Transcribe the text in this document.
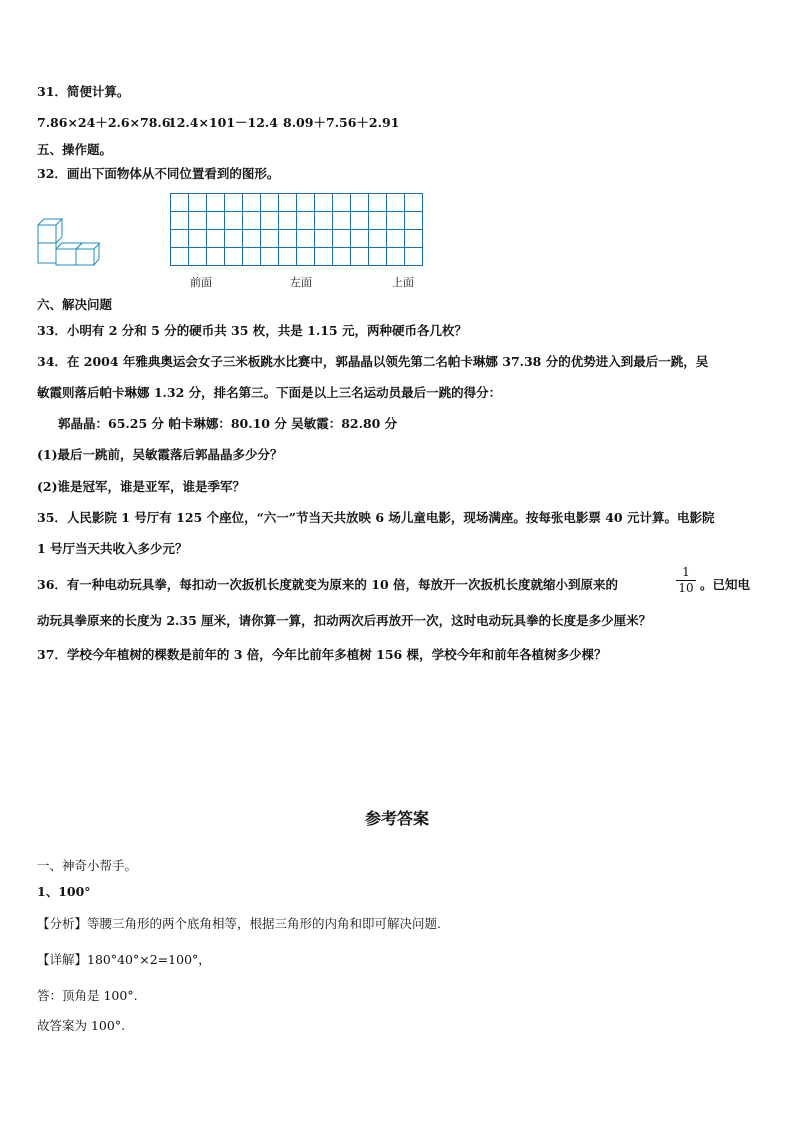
31．简便计算。
7.86×24＋2.6×78.6
12.4×101－12.4 8.09＋7.56＋2.91
五、操作题。
32．画出下面物体从不同位置看到的图形。

前面	左面	上面
六、解决问题
33．小明有 2 分和 5 分的硬币共 35 枚，共是 1.15 元，两种硬币各几枚？
34．在 2004 年雅典奥运会女子三米板跳水比赛中，郭晶晶以领先第二名帕卡琳娜 37.38 分的优势进入到最后一跳，吴
敏霞则落后帕卡琳娜 1.32 分，排名第三。下面是以上三名运动员最后一跳的得分：
郭晶晶：65.25 分 帕卡琳娜：80.10 分 吴敏霞：82.80 分
(1)最后一跳前，吴敏霞落后郭晶晶多少分？
(2)谁是冠军，谁是亚军，谁是季军？
35．人民影院 1 号厅有 125 个座位，“六一”节当天共放映 6 场儿童电影，现场满座。按每张电影票 40 元计算。电影院
1 号厅当天共收入多少元？
36．有一种电动玩具拳，每扣动一次扳机长度就变为原来的 10 倍，每放开一次扳机长度就缩小到原来的
1
10 。已知电
动玩具拳原来的长度为 2.35 厘米，请你算一算，扣动两次后再放开一次，这时电动玩具拳的长度是多少厘米？
37．学校今年植树的棵数是前年的 3 倍，今年比前年多植树 156 棵，学校今年和前年各植树多少棵？
参考答案
一、神奇小帮手。
1、100°
【分析】等腰三角形的两个底角相等，根据三角形的内角和即可解决问题.
【详解】180°40°×2=100°，
答：顶角是 100°.
故答案为 100°.
